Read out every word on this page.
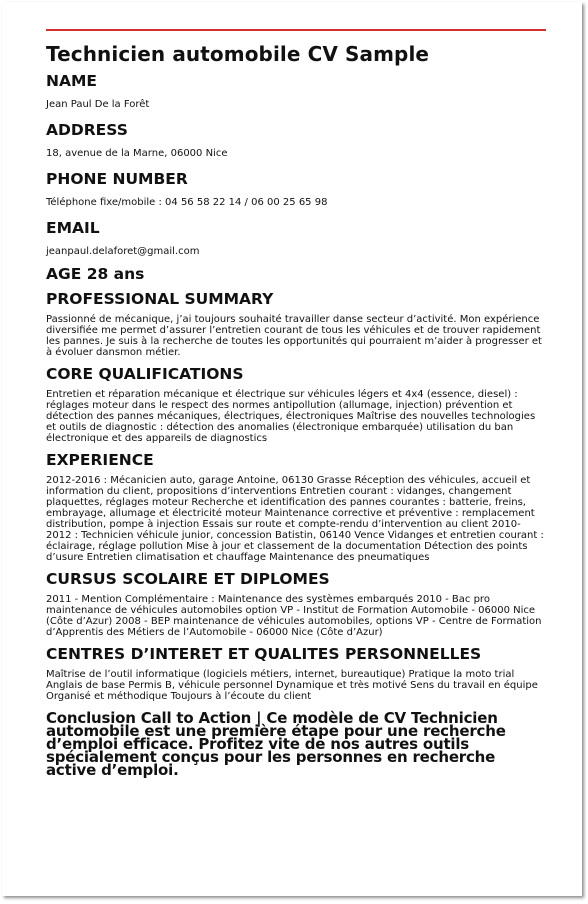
Technicien automobile CV Sample
NAME

Jean Paul De la Forêt

ADDRESS

18, avenue de la Marne, 06000 Nice

PHONE NUMBER

Téléphone fixe/mobile : 04 56 58 22 14 / 06 00 25 65 98

EMAIL

jeanpaul.delaforet@gmail.com

AGE 28 ans
PROFESSIONAL SUMMARY

Passionné de mécanique, j’ai toujours souhaité travailler danse secteur d’activité. Mon expérience diversifiée me permet d’assurer l’entretien courant de tous les véhicules et de trouver rapidement les pannes. Je suis à la recherche de toutes les opportunités qui pourraient m’aider à progresser et à évoluer dansmon métier.

CORE QUALIFICATIONS

Entretien et réparation mécanique et électrique sur véhicules légers et 4x4 (essence, diesel) : réglages moteur dans le respect des normes antipollution (allumage, injection) prévention et détection des pannes mécaniques, électriques, électroniques Maîtrise des nouvelles technologies et outils de diagnostic : détection des anomalies (électronique embarquée) utilisation du ban électronique et des appareils de diagnostics

EXPERIENCE

2012-2016 : Mécanicien auto, garage Antoine, 06130 Grasse Réception des véhicules, accueil et information du client, propositions d’interventions Entretien courant : vidanges, changement plaquettes, réglages moteur Recherche et identification des pannes courantes : batterie, freins, embrayage, allumage et électricité moteur Maintenance corrective et préventive : remplacement distribution, pompe à injection Essais sur route et compte-rendu d’intervention au client 2010-2012 : Technicien véhicule junior, concession Batistin, 06140 Vence Vidanges et entretien courant : éclairage, réglage pollution Mise à jour et classement de la documentation Détection des points d’usure Entretien climatisation et chauffage Maintenance des pneumatiques

CURSUS SCOLAIRE ET DIPLOMES

2011 - Mention Complémentaire : Maintenance des systèmes embarqués 2010 - Bac pro maintenance de véhicules automobiles option VP - Institut de Formation Automobile - 06000 Nice (Côte d’Azur) 2008 - BEP maintenance de véhicules automobiles, options VP - Centre de Formation d’Apprentis des Métiers de l’Automobile - 06000 Nice (Côte d’Azur)

CENTRES D’INTERET ET QUALITES PERSONNELLES

Maîtrise de l’outil informatique (logiciels métiers, internet, bureautique) Pratique la moto trial Anglais de base Permis B, véhicule personnel Dynamique et très motivé Sens du travail en équipe Organisé et méthodique Toujours à l’écoute du client

Conclusion Call to Action | Ce modèle de CV Technicien automobile est une première étape pour une recherche d’emploi efficace. Profitez vite de nos autres outils spécialement conçus pour les personnes en recherche active d’emploi.
